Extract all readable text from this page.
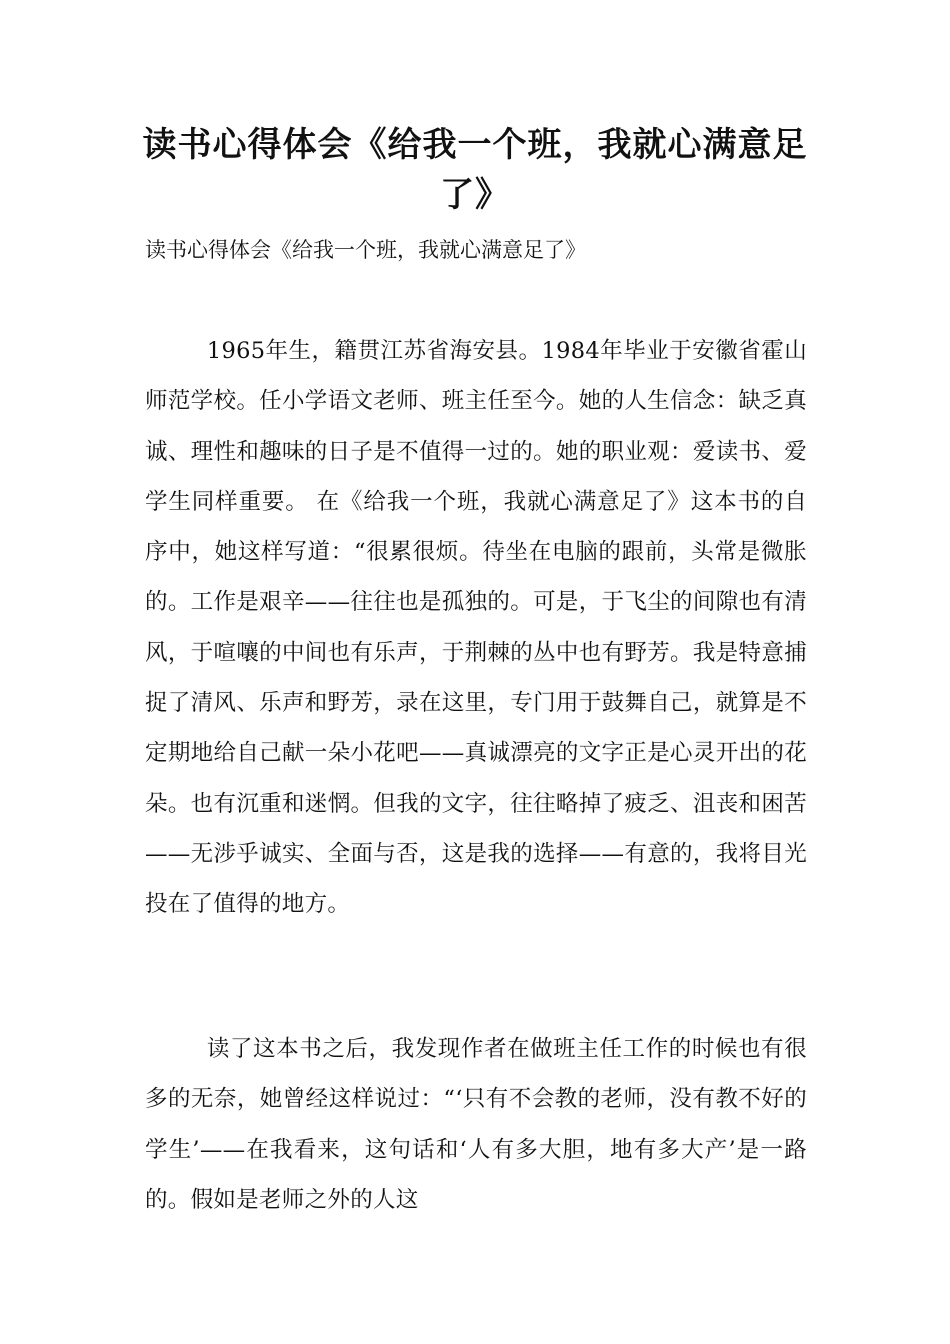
读书心得体会《给我一个班，我就心满意足了》

读书心得体会《给我一个班，我就心满意足了》

1965年生，籍贯江苏省海安县。1984年毕业于安徽省霍山师范学校。任小学语文老师、班主任至今。她的人生信念：缺乏真诚、理性和趣味的日子是不值得一过的。她的职业观：爱读书、爱学生同样重要。 在《给我一个班，我就心满意足了》这本书的自序中，她这样写道：“很累很烦。待坐在电脑的跟前，头常是微胀的。工作是艰辛——往往也是孤独的。可是，于飞尘的间隙也有清风，于喧嚷的中间也有乐声，于荆棘的丛中也有野芳。我是特意捕捉了清风、乐声和野芳，录在这里，专门用于鼓舞自己，就算是不定期地给自己献一朵小花吧——真诚漂亮的文字正是心灵开出的花朵。也有沉重和迷惘。但我的文字，往往略掉了疲乏、沮丧和困苦——无涉乎诚实、全面与否，这是我的选择——有意的，我将目光投在了值得的地方。

读了这本书之后，我发现作者在做班主任工作的时候也有很多的无奈，她曾经这样说过：“‘只有不会教的老师，没有教不好的学生’——在我看来，这句话和‘人有多大胆，地有多大产’是一路的。假如是老师之外的人这
